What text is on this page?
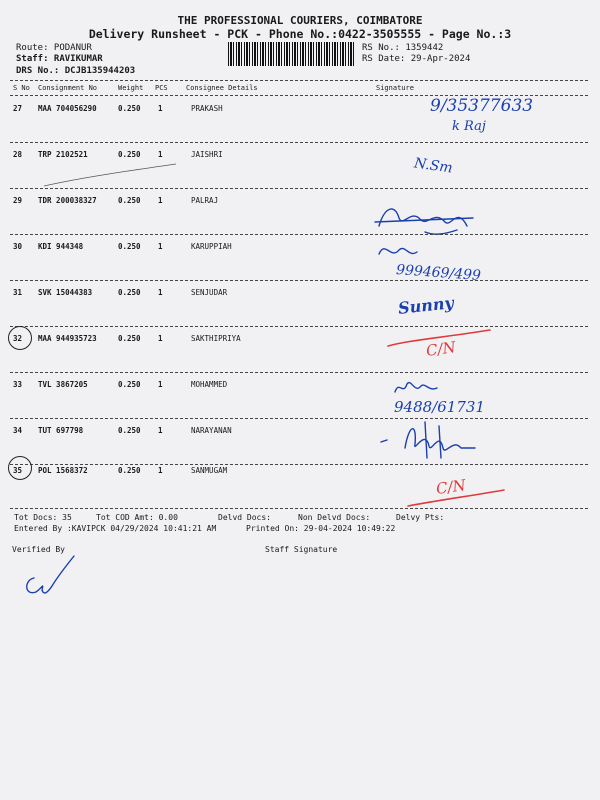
THE PROFESSIONAL COURIERS, COIMBATORE
Delivery Runsheet - PCK - Phone No.:0422-3505555 - Page No.:3
Route: PODANUR
Staff: RAVIKUMAR
DRS No.: DCJB135944203
RS No.: 1359442
RS Date: 29-Apr-2024
S No Consignment No	Weight PCS	Consignee Details	Signature
27 MAA 704056290	0.250 1	PRAKASH	9/35377633
k Raj
28 TRP 2102521	0.250 1	JAISHRI
N.Sm
29 TDR 200038327	0.250 1	PALRAJ
30 KDI 944348	0.250 1	KARUPPIAH
999469/499
31 SVK 15044383	0.250 1	SENJUDAR
Sunny
32 MAA 944935723	0.250 1	SAKTHIPRIYA	C/N
33 TVL 3867205	0.250 1	MOHAMMED
9488/61731
34 TUT 697798	0.250 1	NARAYANAN
35 POL 1568372	0.250 1	SANMUGAM
C/N
Tot Docs: 35	Tot COD Amt: 0.00	Delvd Docs:	Non Delvd Docs:	Delvy Pts:
Entered By :KAVIPCK 04/29/2024 10:41:21 AM	Printed On: 29-04-2024 10:49:22
Verified By	Staff Signature
